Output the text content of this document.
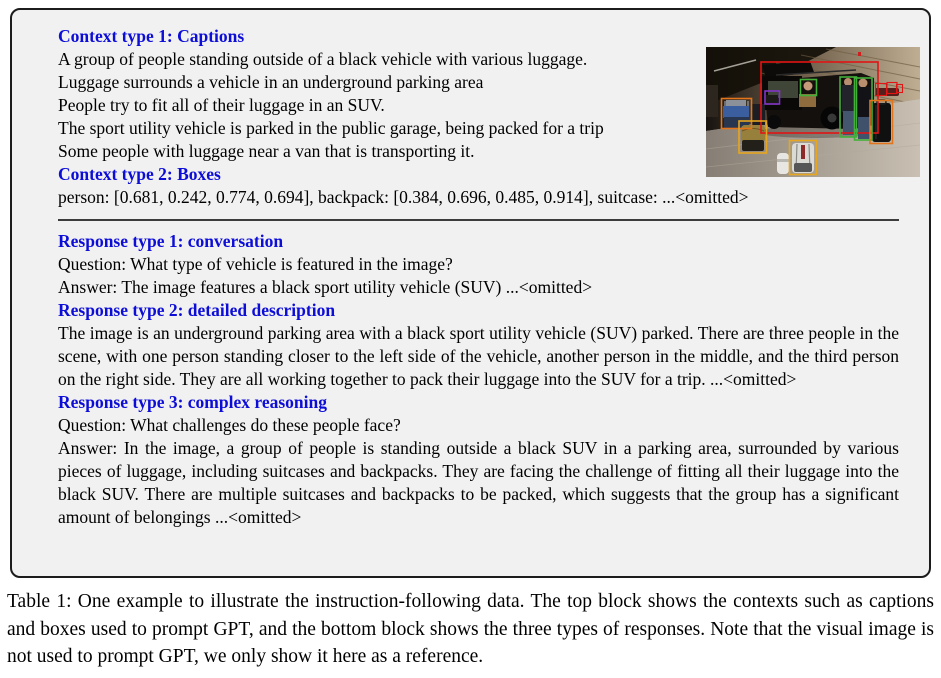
Context type 1: Captions
A group of people standing outside of a black vehicle with various luggage.
Luggage surrounds a vehicle in an underground parking area
People try to fit all of their luggage in an SUV.
The sport utility vehicle is parked in the public garage, being packed for a trip
Some people with luggage near a van that is transporting it.
Context type 2: Boxes
person: [0.681, 0.242, 0.774, 0.694], backpack: [0.384, 0.696, 0.485, 0.914], suitcase: ...<omitted>
Response type 1: conversation
Question: What type of vehicle is featured in the image?
Answer: The image features a black sport utility vehicle (SUV) ...<omitted>
Response type 2: detailed description
The image is an underground parking area with a black sport utility vehicle (SUV) parked. There are three people in the scene, with one person standing closer to the left side of the vehicle, another person in the middle, and the third person on the right side. They are all working together to pack their luggage into the SUV for a trip. ...<omitted>
Response type 3: complex reasoning
Question: What challenges do these people face?
Answer: In the image, a group of people is standing outside a black SUV in a parking area, surrounded by various pieces of luggage, including suitcases and backpacks. They are facing the challenge of fitting all their luggage into the black SUV. There are multiple suitcases and backpacks to be packed, which suggests that the group has a significant amount of belongings ...<omitted>

Table 1: One example to illustrate the instruction-following data. The top block shows the contexts such as captions and boxes used to prompt GPT, and the bottom block shows the three types of responses. Note that the visual image is not used to prompt GPT, we only show it here as a reference.
